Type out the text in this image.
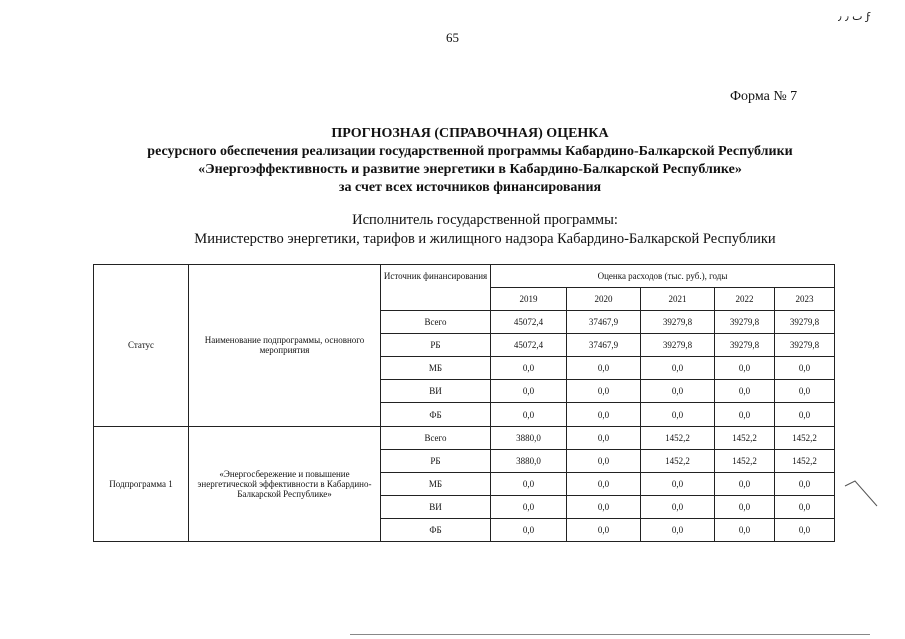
65
ٮ ٫ ٫ ϝ
Форма № 7
ПРОГНОЗНАЯ (СПРАВОЧНАЯ) ОЦЕНКА
ресурсного обеспечения реализации государственной программы Кабардино-Балкарской Республики
«Энергоэффективность и развитие энергетики в Кабардино-Балкарской Республике»
за счет всех источников финансирования
Исполнитель государственной программы:
Министерство энергетики, тарифов и жилищного надзора Кабардино-Балкарской Республики
Статус	Наименование подпрограммы, основного мероприятия	Источник финансирования	Оценка расходов (тыс. руб.), годы				
			2019	2020	2021	2022	2023
		Всего	45072,4	37467,9	39279,8	39279,8	39279,8
		РБ	45072,4	37467,9	39279,8	39279,8	39279,8
		МБ	0,0	0,0	0,0	0,0	0,0
		ВИ	0,0	0,0	0,0	0,0	0,0
		ФБ	0,0	0,0	0,0	0,0	0,0
Подпрограмма 1	«Энергосбережение и повышение энергетической эффективности в Кабардино-Балкарской Республике»	Всего	3880,0	0,0	1452,2	1452,2	1452,2
		РБ	3880,0	0,0	1452,2	1452,2	1452,2
		МБ	0,0	0,0	0,0	0,0	0,0
		ВИ	0,0	0,0	0,0	0,0	0,0
		ФБ	0,0	0,0	0,0	0,0	0,0
